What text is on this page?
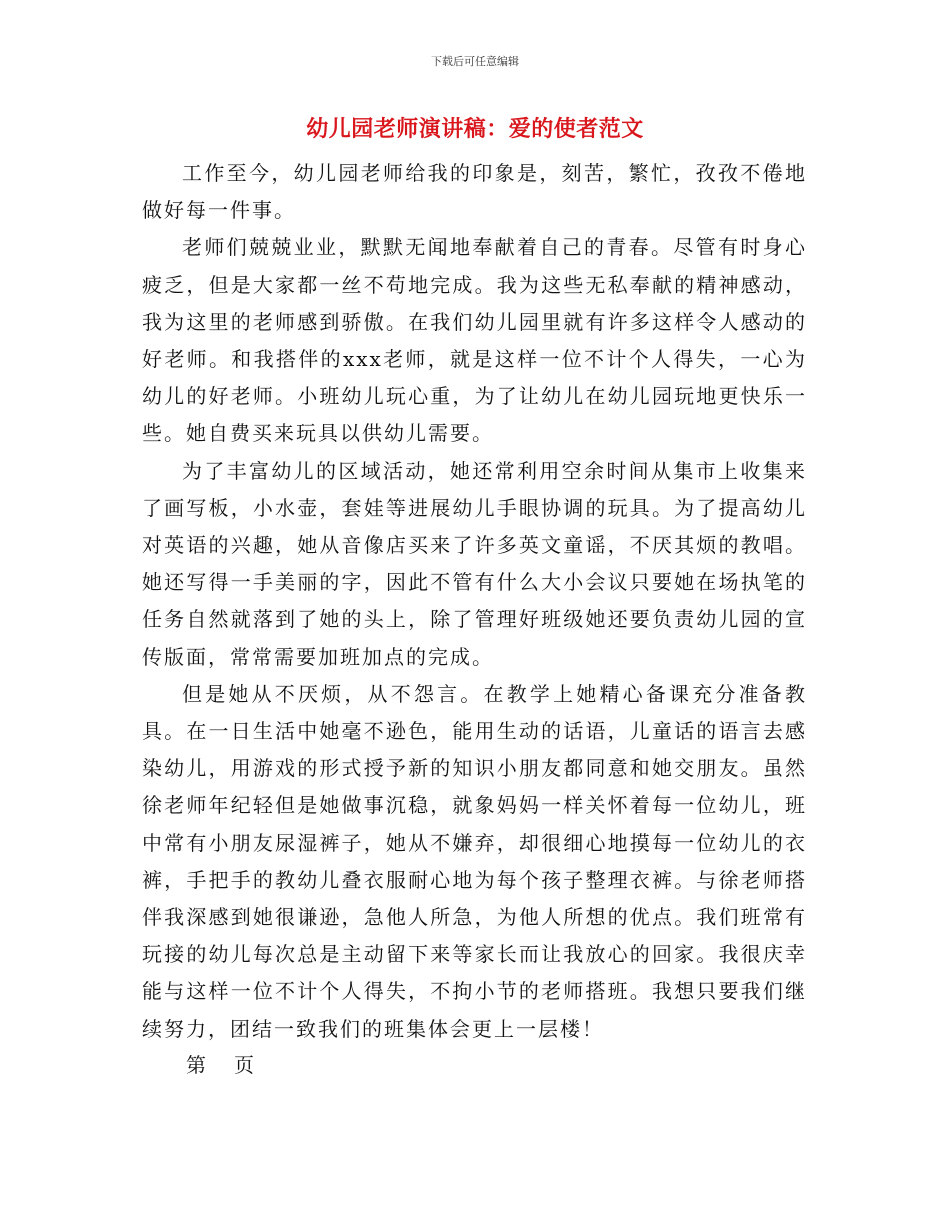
下载后可任意编辑
幼儿园老师演讲稿：爱的使者范文

工作至今，幼儿园老师给我的印象是，刻苦，繁忙，孜孜不倦地做好每一件事。

老师们兢兢业业，默默无闻地奉献着自己的青春。尽管有时身心疲乏，但是大家都一丝不苟地完成。我为这些无私奉献的精神感动，我为这里的老师感到骄傲。在我们幼儿园里就有许多这样令人感动的好老师。和我搭伴的xxx老师，就是这样一位不计个人得失，一心为幼儿的好老师。小班幼儿玩心重，为了让幼儿在幼儿园玩地更快乐一些。她自费买来玩具以供幼儿需要。

为了丰富幼儿的区域活动，她还常利用空余时间从集市上收集来了画写板，小水壶，套娃等进展幼儿手眼协调的玩具。为了提高幼儿对英语的兴趣，她从音像店买来了许多英文童谣，不厌其烦的教唱。她还写得一手美丽的字，因此不管有什么大小会议只要她在场执笔的任务自然就落到了她的头上，除了管理好班级她还要负责幼儿园的宣传版面，常常需要加班加点的完成。

但是她从不厌烦，从不怨言。在教学上她精心备课充分准备教具。在一日生活中她毫不逊色，能用生动的话语，儿童话的语言去感染幼儿，用游戏的形式授予新的知识小朋友都同意和她交朋友。虽然徐老师年纪轻但是她做事沉稳，就象妈妈一样关怀着每一位幼儿，班中常有小朋友尿湿裤子，她从不嫌弃，却很细心地摸每一位幼儿的衣裤，手把手的教幼儿叠衣服耐心地为每个孩子整理衣裤。与徐老师搭伴我深感到她很谦逊，急他人所急，为他人所想的优点。我们班常有玩接的幼儿每次总是主动留下来等家长而让我放心的回家。我很庆幸能与这样一位不计个人得失，不拘小节的老师搭班。我想只要我们继续努力，团结一致我们的班集体会更上一层楼！

第 页
